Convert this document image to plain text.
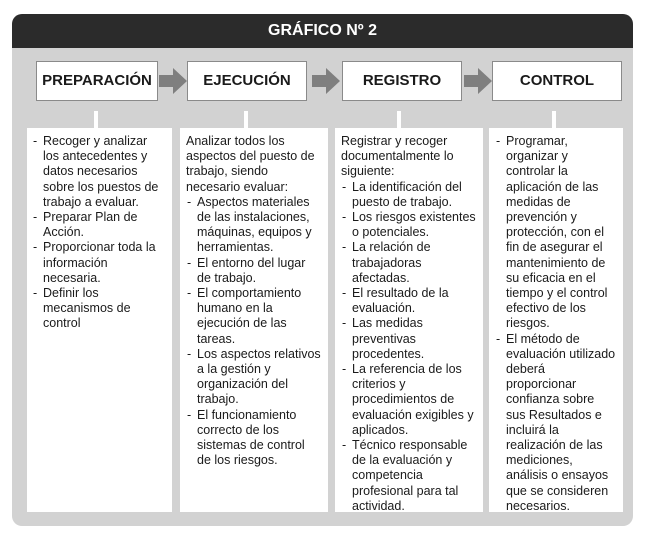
GRÁFICO Nº 2
PREPARACIÓN	EJECUCIÓN	REGISTRO	CONTROL
- Recoger y analizar los antecedentes y datos necesarios sobre los puestos de trabajo a evaluar.
- Preparar Plan de Acción.
- Proporcionar toda la información necesaria.
- Definir los mecanismos de control

Analizar todos los aspectos del puesto de trabajo, siendo necesario evaluar:

- Aspectos materiales de las instalaciones, máquinas, equipos y herramientas.
- El entorno del lugar de trabajo.
- El comportamiento humano en la ejecución de las tareas.
- Los aspectos relativos a la gestión y organización del trabajo.
- El funcionamiento correcto de los sistemas de control de los riesgos.

Registrar y recoger documentalmente lo siguiente:

- La identificación del puesto de trabajo.
- Los riesgos existentes o potenciales.
- La relación de trabajadoras afectadas.
- El resultado de la evaluación.
- Las medidas preventivas procedentes.
- La referencia de los criterios y procedimientos de evaluación exigibles y aplicados.
- Técnico responsable de la evaluación y competencia profesional para tal actividad.
- Programar, organizar y controlar la aplicación de las medidas de prevención y protección, con el fin de asegurar el mantenimiento de su eficacia en el tiempo y el control efectivo de los riesgos.
- El método de evaluación utilizado deberá proporcionar confianza sobre sus Resultados e incluirá la realización de las mediciones, análisis o ensayos que se consideren necesarios.
